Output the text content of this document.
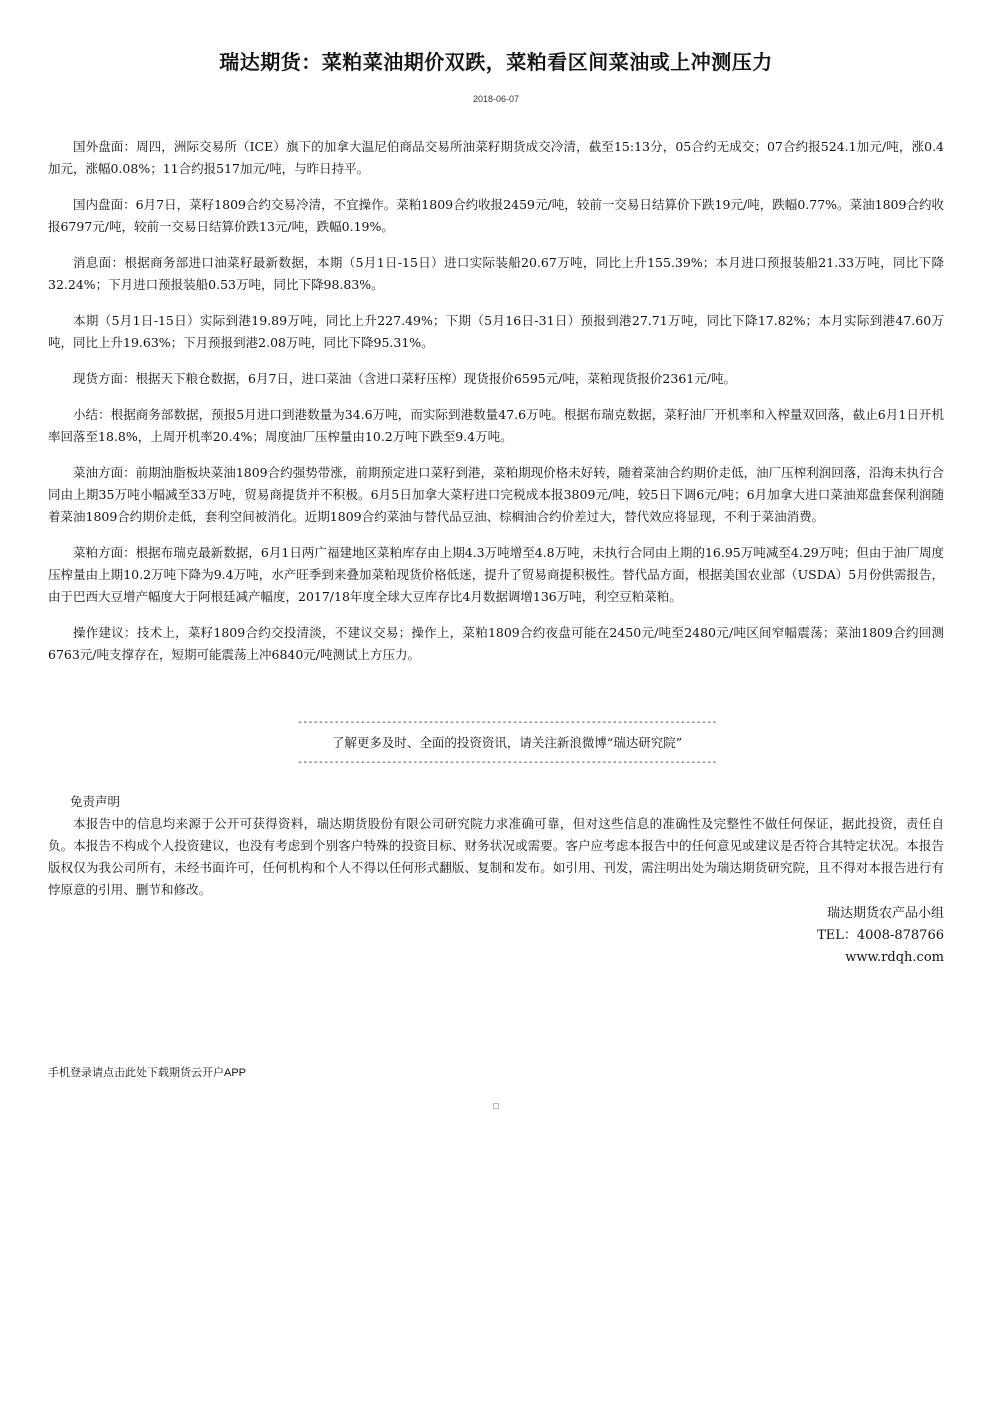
瑞达期货：菜粕菜油期价双跌，菜粕看区间菜油或上冲测压力
2018-06-07

国外盘面：周四，洲际交易所（ICE）旗下的加拿大温尼伯商品交易所油菜籽期货成交冷清，截至15:13分，05合约无成交；07合约报524.1加元/吨，涨0.4加元，涨幅0.08%；11合约报517加元/吨，与昨日持平。

国内盘面：6月7日，菜籽1809合约交易冷清，不宜操作。菜粕1809合约收报2459元/吨，较前一交易日结算价下跌19元/吨，跌幅0.77%。菜油1809合约收报6797元/吨，较前一交易日结算价跌13元/吨，跌幅0.19%。

消息面：根据商务部进口油菜籽最新数据，本期（5月1日-15日）进口实际装船20.67万吨，同比上升155.39%；本月进口预报装船21.33万吨，同比下降32.24%；下月进口预报装船0.53万吨，同比下降98.83%。

本期（5月1日-15日）实际到港19.89万吨，同比上升227.49%；下期（5月16日-31日）预报到港27.71万吨，同比下降17.82%；本月实际到港47.60万吨，同比上升19.63%；下月预报到港2.08万吨，同比下降95.31%。

现货方面：根据天下粮仓数据，6月7日，进口菜油（含进口菜籽压榨）现货报价6595元/吨，菜粕现货报价2361元/吨。

小结：根据商务部数据，预报5月进口到港数量为34.6万吨，而实际到港数量47.6万吨。根据布瑞克数据，菜籽油厂开机率和入榨量双回落，截止6月1日开机率回落至18.8%，上周开机率20.4%；周度油厂压榨量由10.2万吨下跌至9.4万吨。

菜油方面：前期油脂板块菜油1809合约强势带涨，前期预定进口菜籽到港，菜粕期现价格未好转，随着菜油合约期价走低，油厂压榨利润回落，沿海未执行合同由上期35万吨小幅减至33万吨，贸易商提货并不积极。6月5日加拿大菜籽进口完税成本报3809元/吨，较5日下调6元/吨；6月加拿大进口菜油郑盘套保利润随着菜油1809合约期价走低，套利空间被消化。近期1809合约菜油与替代品豆油、棕榈油合约价差过大，替代效应将显现，不利于菜油消费。

菜粕方面：根据布瑞克最新数据，6月1日两广福建地区菜粕库存由上期4.3万吨增至4.8万吨，未执行合同由上期的16.95万吨减至4.29万吨；但由于油厂周度压榨量由上期10.2万吨下降为9.4万吨，水产旺季到来叠加菜粕现货价格低迷，提升了贸易商提积极性。替代品方面，根据美国农业部（USDA）5月份供需报告，由于巴西大豆增产幅度大于阿根廷减产幅度，2017/18年度全球大豆库存比4月数据调增136万吨，利空豆粕菜粕。

操作建议：技术上，菜籽1809合约交投清淡，不建议交易；操作上，菜粕1809合约夜盘可能在2450元/吨至2480元/吨区间窄幅震荡；菜油1809合约回测6763元/吨支撑存在，短期可能震荡上冲6840元/吨测试上方压力。

--------------------------------------------------------------------------------
了解更多及时、全面的投资资讯，请关注新浪微博“瑞达研究院”
--------------------------------------------------------------------------------
免责声明
本报告中的信息均来源于公开可获得资料，瑞达期货股份有限公司研究院力求准确可靠，但对这些信息的准确性及完整性不做任何保证，据此投资，责任自负。本报告不构成个人投资建议，也没有考虑到个别客户特殊的投资目标、财务状况或需要。客户应考虑本报告中的任何意见或建议是否符合其特定状况。本报告版权仅为我公司所有，未经书面许可，任何机构和个人不得以任何形式翻版、复制和发布。如引用、刊发，需注明出处为瑞达期货研究院，且不得对本报告进行有悖原意的引用、删节和修改。
瑞达期货农产品小组
TEL：4008-878766
www.rdqh.com
手机登录请点击此处下载期货云开户APP
